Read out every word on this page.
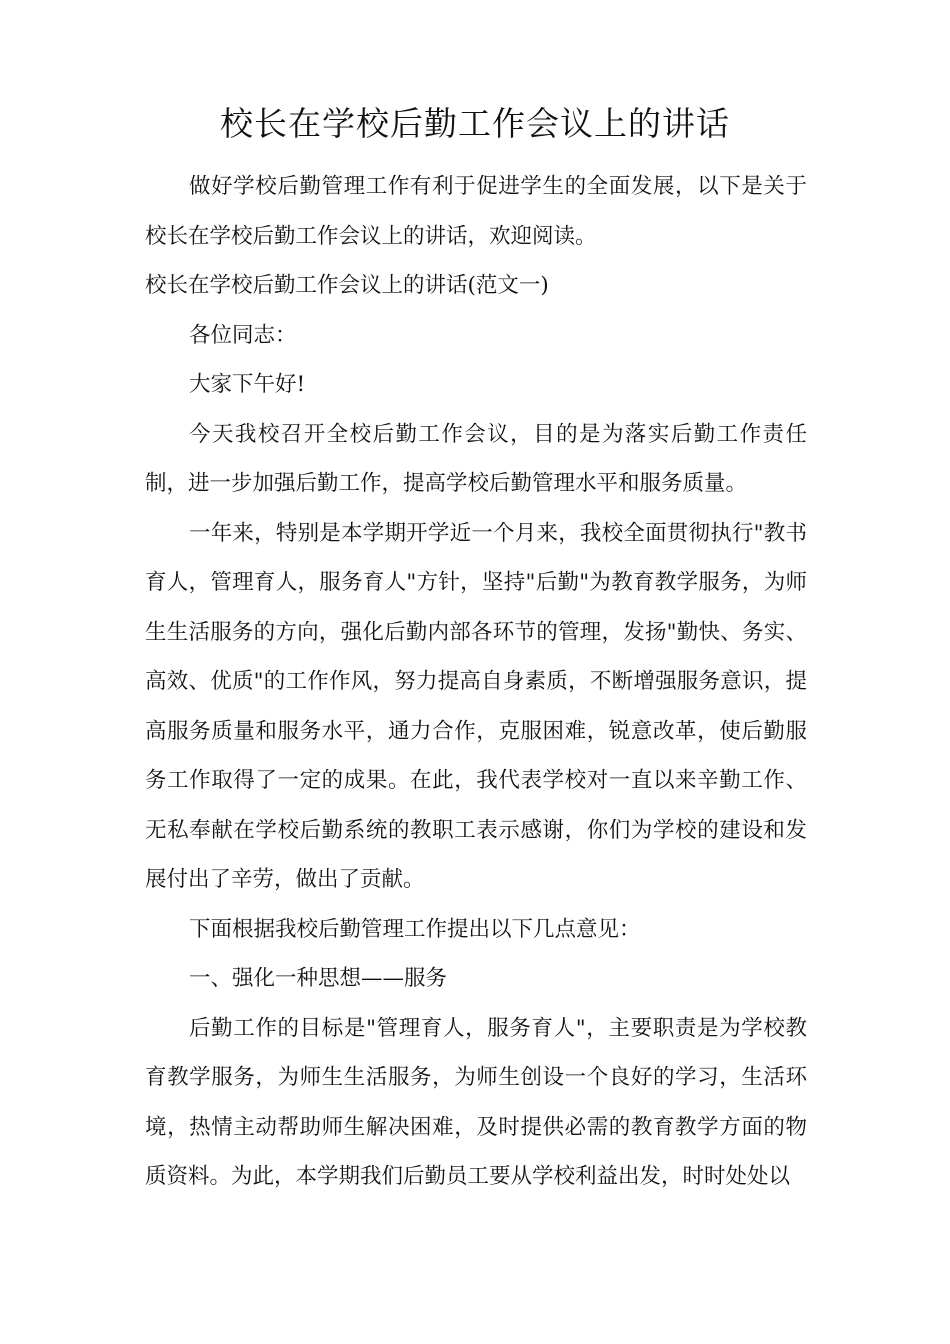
校长在学校后勤工作会议上的讲话

做好学校后勤管理工作有利于促进学生的全面发展，以下是关于校长在学校后勤工作会议上的讲话，欢迎阅读。

校长在学校后勤工作会议上的讲话(范文一)

各位同志：

大家下午好!

今天我校召开全校后勤工作会议，目的是为落实后勤工作责任制，进一步加强后勤工作，提高学校后勤管理水平和服务质量。

一年来，特别是本学期开学近一个月来，我校全面贯彻执行"教书育人，管理育人，服务育人"方针，坚持"后勤"为教育教学服务，为师生生活服务的方向，强化后勤内部各环节的管理，发扬"勤快、务实、高效、优质"的工作作风，努力提高自身素质，不断增强服务意识，提高服务质量和服务水平，通力合作，克服困难，锐意改革，使后勤服务工作取得了一定的成果。在此，我代表学校对一直以来辛勤工作、无私奉献在学校后勤系统的教职工表示感谢，你们为学校的建设和发展付出了辛劳，做出了贡献。

下面根据我校后勤管理工作提出以下几点意见：

一、强化一种思想——服务

后勤工作的目标是"管理育人，服务育人"，主要职责是为学校教育教学服务，为师生生活服务，为师生创设一个良好的学习，生活环境，热情主动帮助师生解决困难，及时提供必需的教育教学方面的物质资料。为此，本学期我们后勤员工要从学校利益出发，时时处处以
